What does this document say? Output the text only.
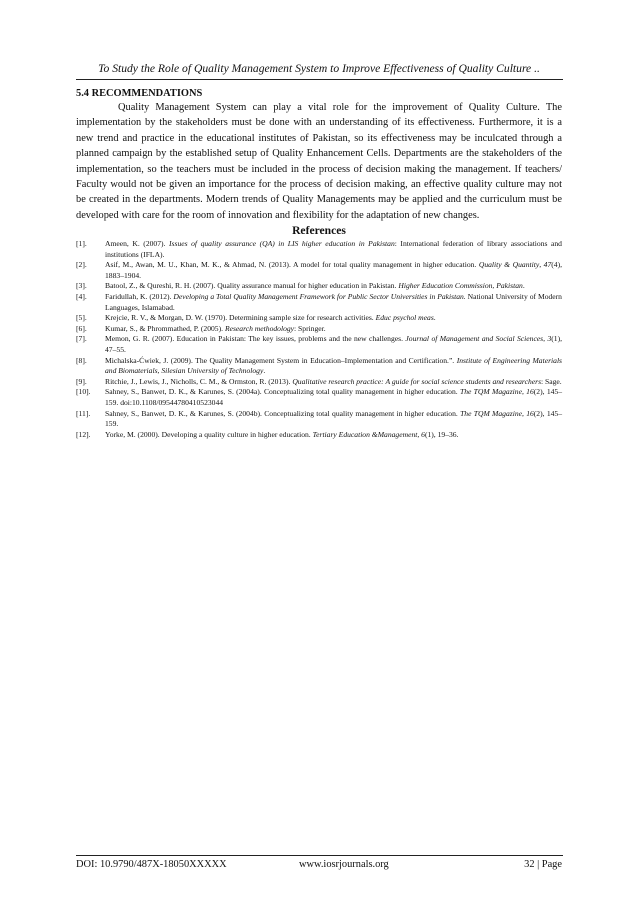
To Study the Role of Quality Management System to Improve Effectiveness of Quality Culture ..
5.4 RECOMMENDATIONS

Quality Management System can play a vital role for the improvement of Quality Culture. The implementation by the stakeholders must be done with an understanding of its effectiveness. Furthermore, it is a new trend and practice in the educational institutes of Pakistan, so its effectiveness may be inculcated through a planned campaign by the established setup of Quality Enhancement Cells. Departments are the stakeholders of the implementation, so the teachers must be included in the process of decision making the management. If teachers/ Faculty would not be given an importance for the process of decision making, an effective quality culture may not be created in the departments. Modern trends of Quality Managements may be applied and the curriculum must be developed with care for the room of innovation and flexibility for the adaptation of new changes.

References
[1].	Ameen, K. (2007). Issues of quality assurance (QA) in LIS higher education in Pakistan: International federation of library associations and institutions (IFLA).
[2].	Asif, M., Awan, M. U., Khan, M. K., & Ahmad, N. (2013). A model for total quality management in higher education. Quality & Quantity, 47(4), 1883–1904.
[3].	Batool, Z., & Qureshi, R. H. (2007). Quality assurance manual for higher education in Pakistan. Higher Education Commission, Pakistan.
[4].	Faridullah, K. (2012). Developing a Total Quality Management Framework for Public Sector Universities in Pakistan. National University of Modern Languages, Islamabad.
[5].	Krejcie, R. V., & Morgan, D. W. (1970). Determining sample size for research activities. Educ psychol meas.
[6].	Kumar, S., & Phrommathed, P. (2005). Research methodology: Springer.
[7].	Memon, G. R. (2007). Education in Pakistan: The key issues, problems and the new challenges. Journal of Management and Social Sciences, 3(1), 47–55.
[8].	Michalska-Ćwiek, J. (2009). The Quality Management System in Education–Implementation and Certification.”. Institute of Engineering Materials and Biomaterials, Silesian University of Technology.
[9].	Ritchie, J., Lewis, J., Nicholls, C. M., & Ormston, R. (2013). Qualitative research practice: A guide for social science students and researchers: Sage.
[10].	Sahney, S., Banwet, D. K., & Karunes, S. (2004a). Conceptualizing total quality management in higher education. The TQM Magazine, 16(2), 145–159. doi:10.1108/09544780410523044
[11].	Sahney, S., Banwet, D. K., & Karunes, S. (2004b). Conceptualizing total quality management in higher education. The TQM Magazine, 16(2), 145–159.
[12].	Yorke, M. (2000). Developing a quality culture in higher education. Tertiary Education &Management, 6(1), 19–36.
DOI: 10.9790/487X-18050XXXXX	www.iosrjournals.org	32 | Page
